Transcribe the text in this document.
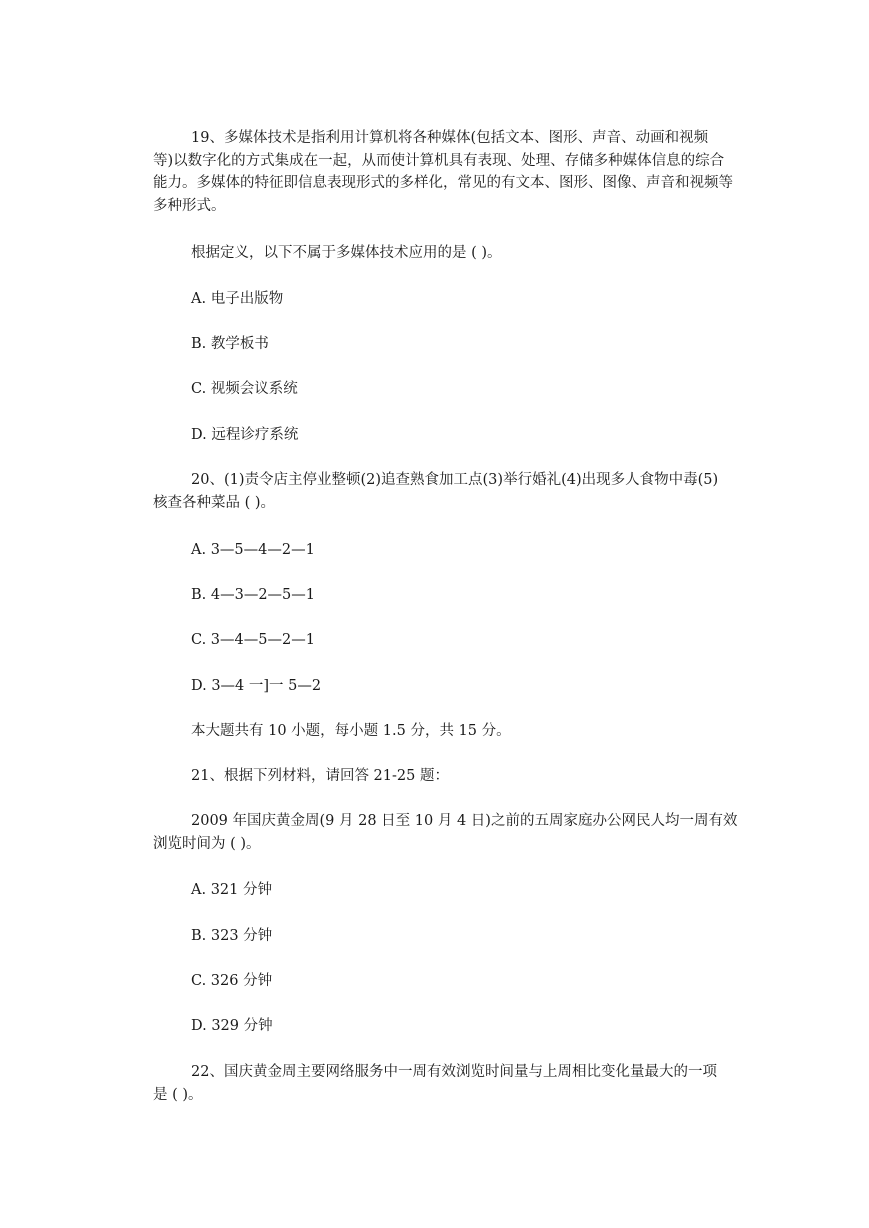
19、多媒体技术是指利用计算机将各种媒体(包括文本、图形、声音、动画和视频
等)以数字化的方式集成在一起，从而使计算机具有表现、处理、存储多种媒体信息的综合
能力。多媒体的特征即信息表现形式的多样化，常见的有文本、图形、图像、声音和视频等
多种形式。

根据定义，以下不属于多媒体技术应用的是 ( )。

A. 电子出版物

B. 教学板书

C. 视频会议系统

D. 远程诊疗系统

20、(1)责令店主停业整顿(2)追查熟食加工点(3)举行婚礼(4)出现多人食物中毒(5)
核查各种菜品 ( )。

A. 3—5—4—2—1

B. 4—3—2—5—1

C. 3—4—5—2—1

D. 3—4 一]一 5—2

本大题共有 10 小题，每小题 1.5 分，共 15 分。

21、根据下列材料，请回答 21-25 题：

2009 年国庆黄金周(9 月 28 日至 10 月 4 日)之前的五周家庭办公网民人均一周有效
浏览时间为 ( )。

A. 321 分钟

B. 323 分钟

C. 326 分钟

D. 329 分钟

22、国庆黄金周主要网络服务中一周有效浏览时间量与上周相比变化量最大的一项
是 ( )。
